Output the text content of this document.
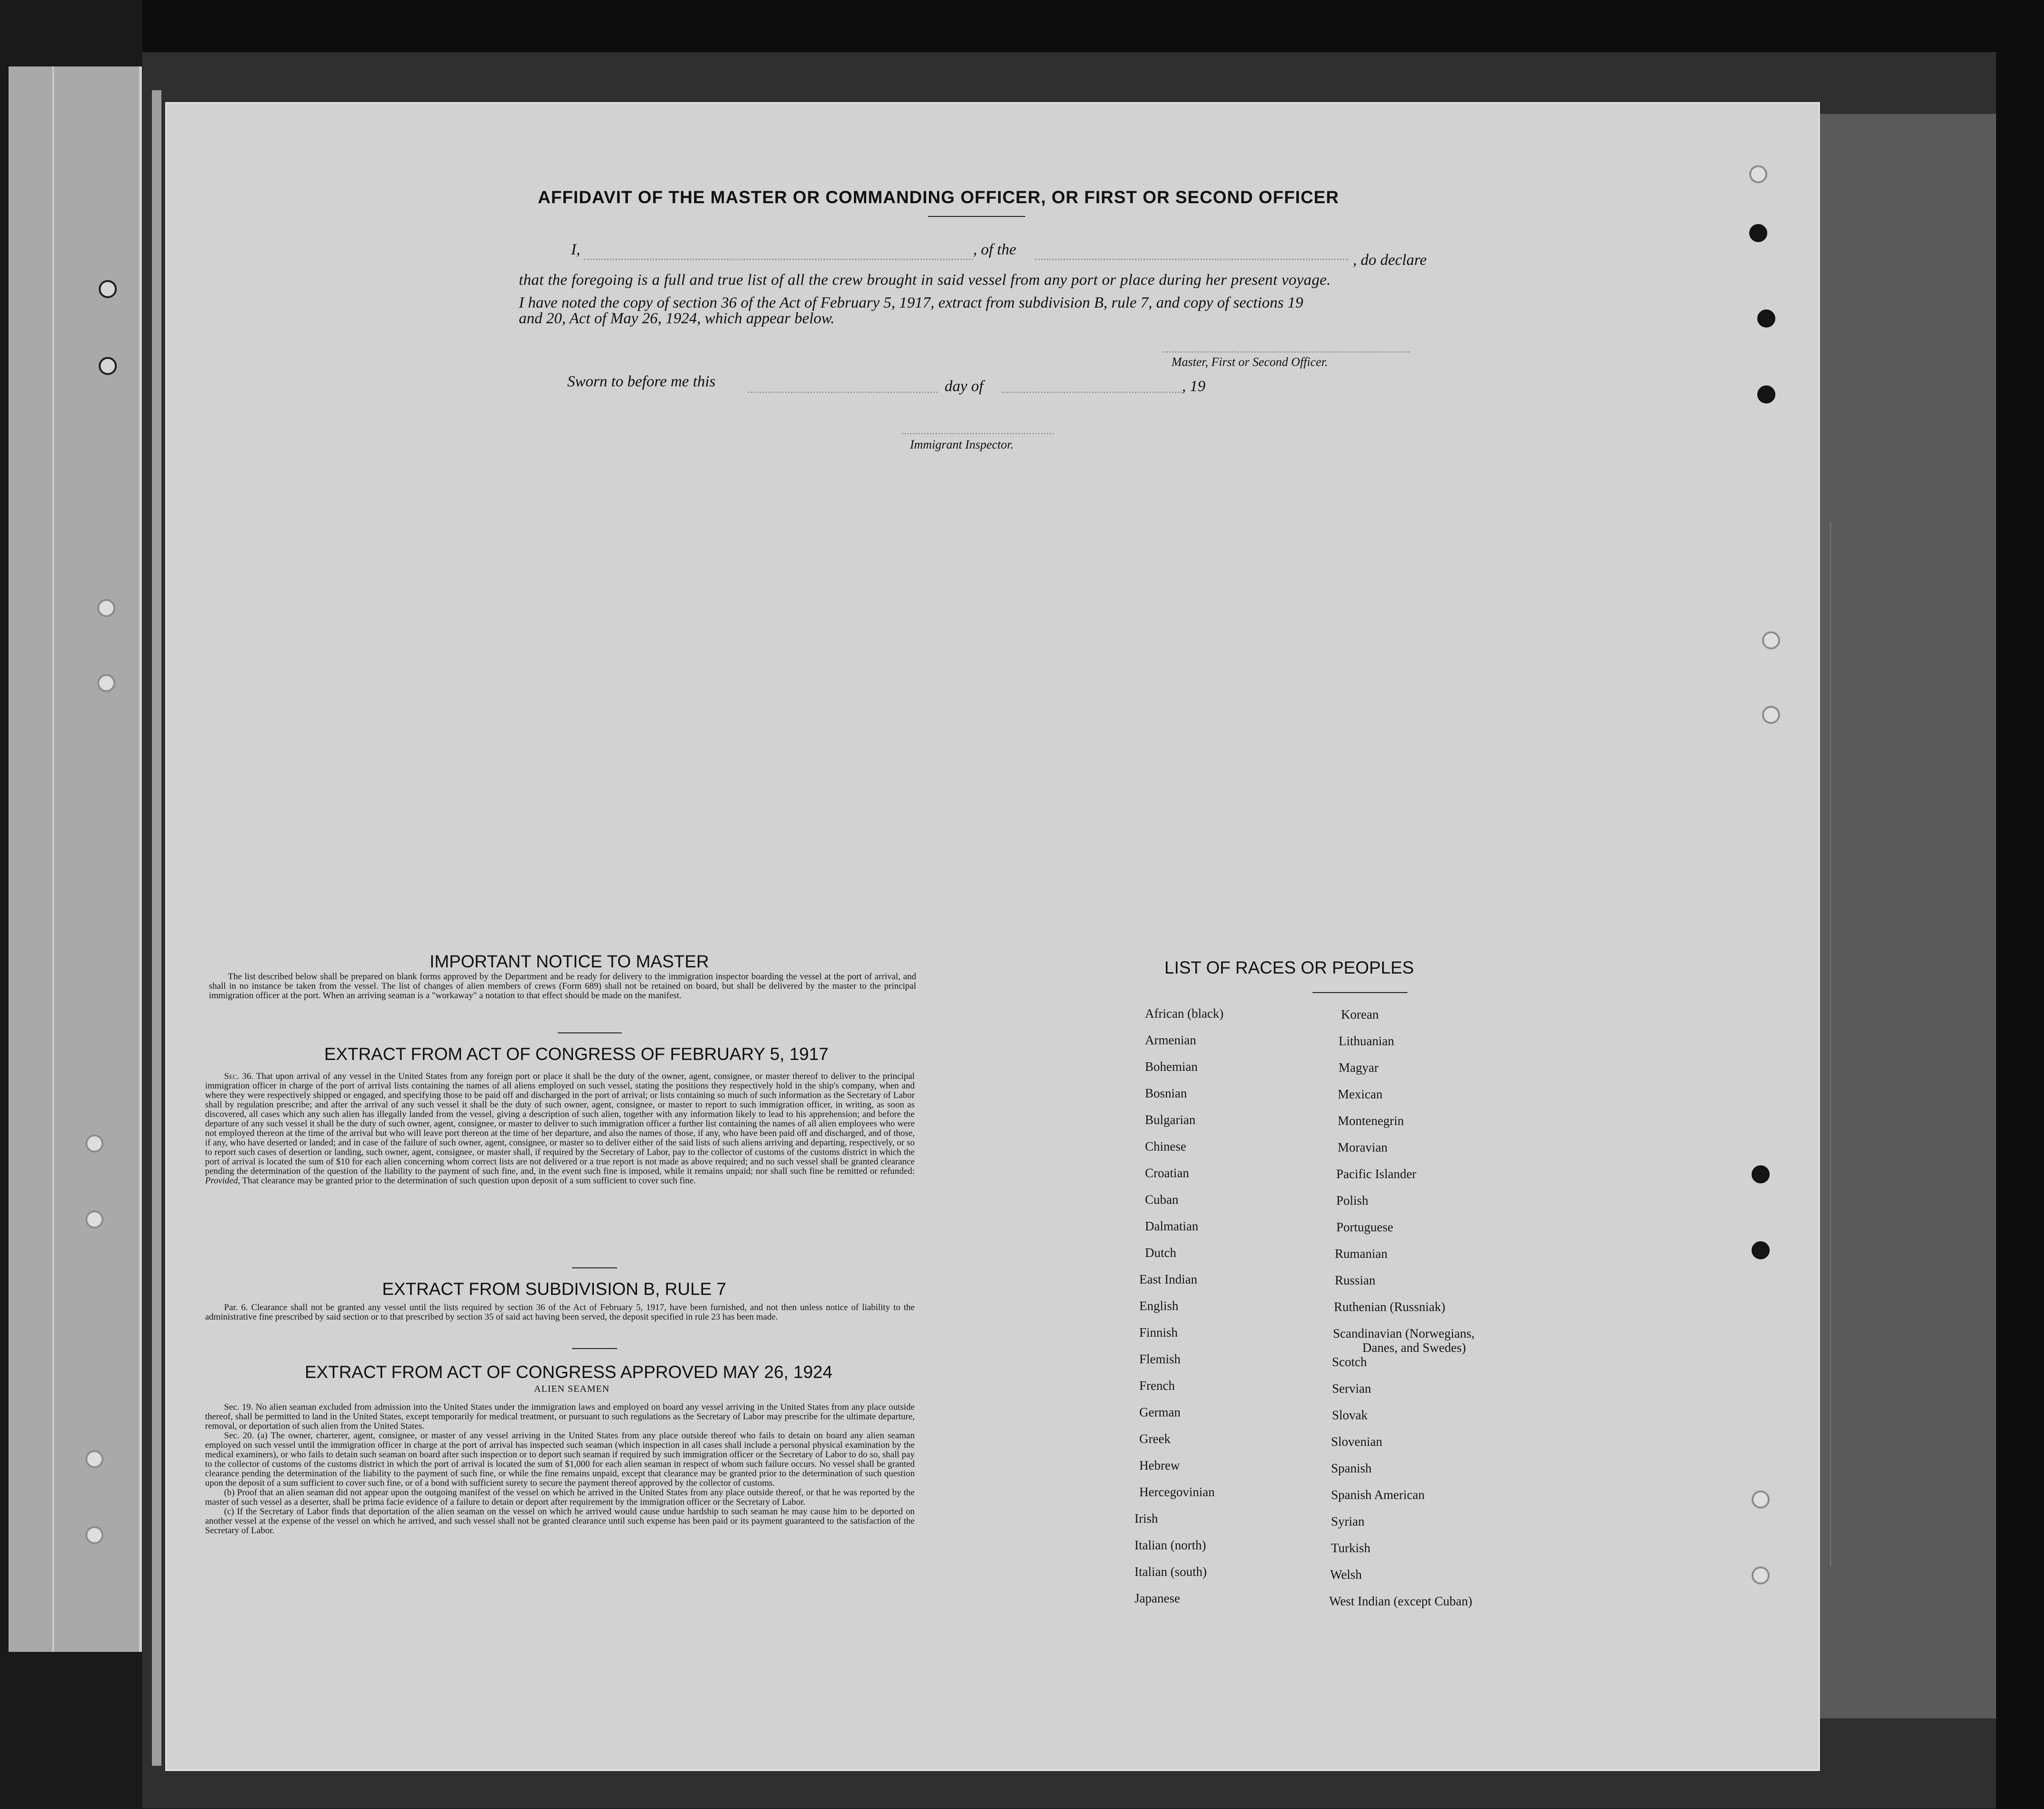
AFFIDAVIT OF THE MASTER OR COMMANDING OFFICER, OR FIRST OR SECOND OFFICER
I,	, of the
, do declare
that the foregoing is a full and true list of all the crew brought in said vessel from any port or place during her present voyage.
I have noted the copy of section 36 of the Act of February 5, 1917, extract from subdivision B, rule 7, and copy of sections 19
and 20, Act of May 26, 1924, which appear below.
Master, First or Second Officer.
Sworn to before me this	day of	, 19
Immigrant Inspector.
IMPORTANT NOTICE TO MASTER

The list described below shall be prepared on blank forms approved by the Department and be ready for delivery to the immigration inspector boarding the vessel at the port of arrival, and shall in no instance be taken from the vessel. The list of changes of alien members of crews (Form 689) shall not be retained on board, but shall be delivered by the master to the principal immigration officer at the port. When an arriving seaman is a "workaway" a notation to that effect should be made on the manifest.

EXTRACT FROM ACT OF CONGRESS OF FEBRUARY 5, 1917

Sec. 36. That upon arrival of any vessel in the United States from any foreign port or place it shall be the duty of the owner, agent, consignee, or master thereof to deliver to the principal immigration officer in charge of the port of arrival lists containing the names of all aliens employed on such vessel, stating the positions they respectively hold in the ship's company, when and where they were respectively shipped or engaged, and specifying those to be paid off and discharged in the port of arrival; or lists containing so much of such information as the Secretary of Labor shall by regulation prescribe; and after the arrival of any such vessel it shall be the duty of such owner, agent, consignee, or master to report to such immigration officer, in writing, as soon as discovered, all cases which any such alien has illegally landed from the vessel, giving a description of such alien, together with any information likely to lead to his apprehension; and before the departure of any such vessel it shall be the duty of such owner, agent, consignee, or master to deliver to such immigration officer a further list containing the names of all alien employees who were not employed thereon at the time of the arrival but who will leave port thereon at the time of her departure, and also the names of those, if any, who have been paid off and discharged, and of those, if any, who have deserted or landed; and in case of the failure of such owner, agent, consignee, or master so to deliver either of the said lists of such aliens arriving and departing, respectively, or so to report such cases of desertion or landing, such owner, agent, consignee, or master shall, if required by the Secretary of Labor, pay to the collector of customs of the customs district in which the port of arrival is located the sum of $10 for each alien concerning whom correct lists are not delivered or a true report is not made as above required; and no such vessel shall be granted clearance pending the determination of the question of the liability to the payment of such fine, and, in the event such fine is imposed, while it remains unpaid; nor shall such fine be remitted or refunded: Provided, That clearance may be granted prior to the determination of such question upon deposit of a sum sufficient to cover such fine.

EXTRACT FROM SUBDIVISION B, RULE 7

Par. 6. Clearance shall not be granted any vessel until the lists required by section 36 of the Act of February 5, 1917, have been furnished, and not then unless notice of liability to the administrative fine prescribed by said section or to that prescribed by section 35 of said act having been served, the deposit specified in rule 23 has been made.

EXTRACT FROM ACT OF CONGRESS APPROVED MAY 26, 1924
ALIEN SEAMEN

Sec. 19. No alien seaman excluded from admission into the United States under the immigration laws and employed on board any vessel arriving in the United States from any place outside thereof, shall be permitted to land in the United States, except temporarily for medical treatment, or pursuant to such regulations as the Secretary of Labor may prescribe for the ultimate departure, removal, or deportation of such alien from the United States.

Sec. 20. (a) The owner, charterer, agent, consignee, or master of any vessel arriving in the United States from any place outside thereof who fails to detain on board any alien seaman employed on such vessel until the immigration officer in charge at the port of arrival has inspected such seaman (which inspection in all cases shall include a personal physical examination by the medical examiners), or who fails to detain such seaman on board after such inspection or to deport such seaman if required by such immigration officer or the Secretary of Labor to do so, shall pay to the collector of customs of the customs district in which the port of arrival is located the sum of $1,000 for each alien seaman in respect of whom such failure occurs. No vessel shall be granted clearance pending the determination of the liability to the payment of such fine, or while the fine remains unpaid, except that clearance may be granted prior to the determination of such question upon the deposit of a sum sufficient to cover such fine, or of a bond with sufficient surety to secure the payment thereof approved by the collector of customs.

(b) Proof that an alien seaman did not appear upon the outgoing manifest of the vessel on which he arrived in the United States from any place outside thereof, or that he was reported by the master of such vessel as a deserter, shall be prima facie evidence of a failure to detain or deport after requirement by the immigration officer or the Secretary of Labor.

(c) If the Secretary of Labor finds that deportation of the alien seaman on the vessel on which he arrived would cause undue hardship to such seaman he may cause him to be deported on another vessel at the expense of the vessel on which he arrived, and such vessel shall not be granted clearance until such expense has been paid or its payment guaranteed to the satisfaction of the Secretary of Labor.

LIST OF RACES OR PEOPLES
African (black)
Armenian
Bohemian
Bosnian
Bulgarian
Chinese
Croatian
Cuban
Dalmatian
Dutch
East Indian
English
Finnish
Flemish
French
German
Greek
Hebrew
Hercegovinian
Irish
Italian (north)
Italian (south)
Japanese
Korean
Lithuanian
Magyar
Mexican
Montenegrin
Moravian
Pacific Islander
Polish
Portuguese
Rumanian
Russian
Ruthenian (Russniak)
Scandinavian (Norwegians,
Danes, and Swedes)
Scotch
Servian
Slovak
Slovenian
Spanish
Spanish American
Syrian
Turkish
Welsh
West Indian (except Cuban)
